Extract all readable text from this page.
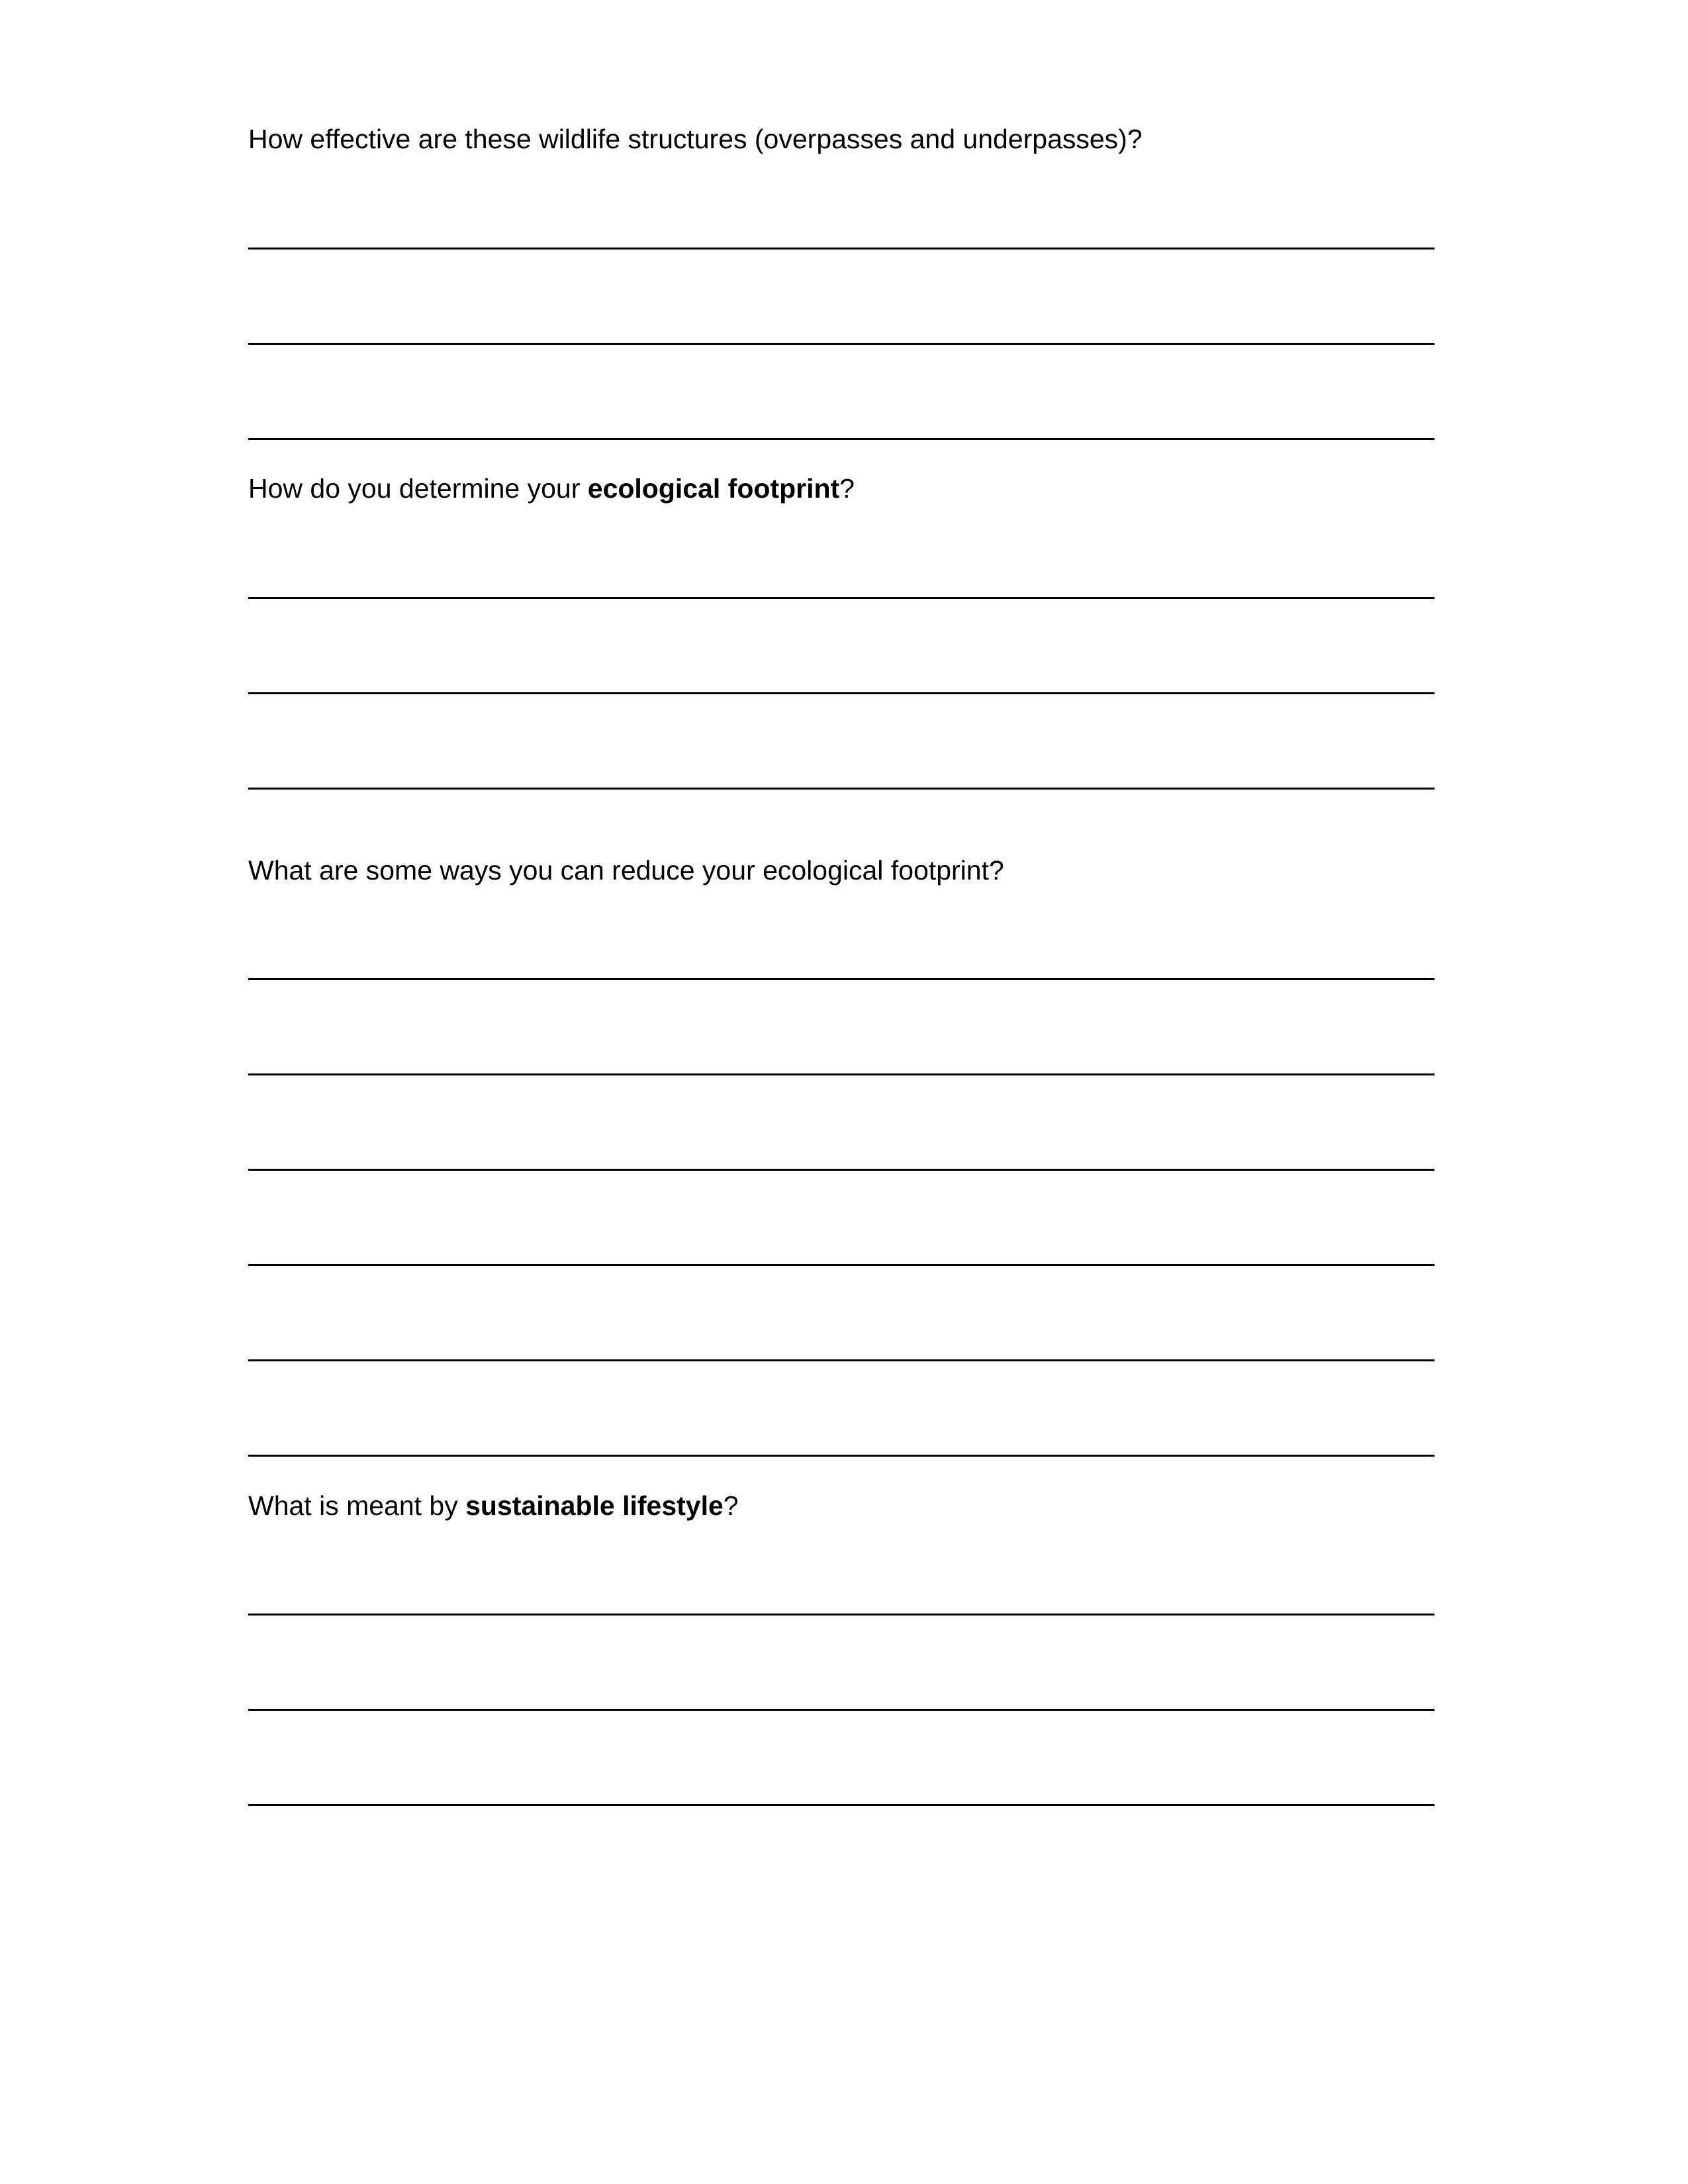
How effective are these wildlife structures (overpasses and underpasses)?

How do you determine your ecological footprint?

What are some ways you can reduce your ecological footprint?

What is meant by sustainable lifestyle?
